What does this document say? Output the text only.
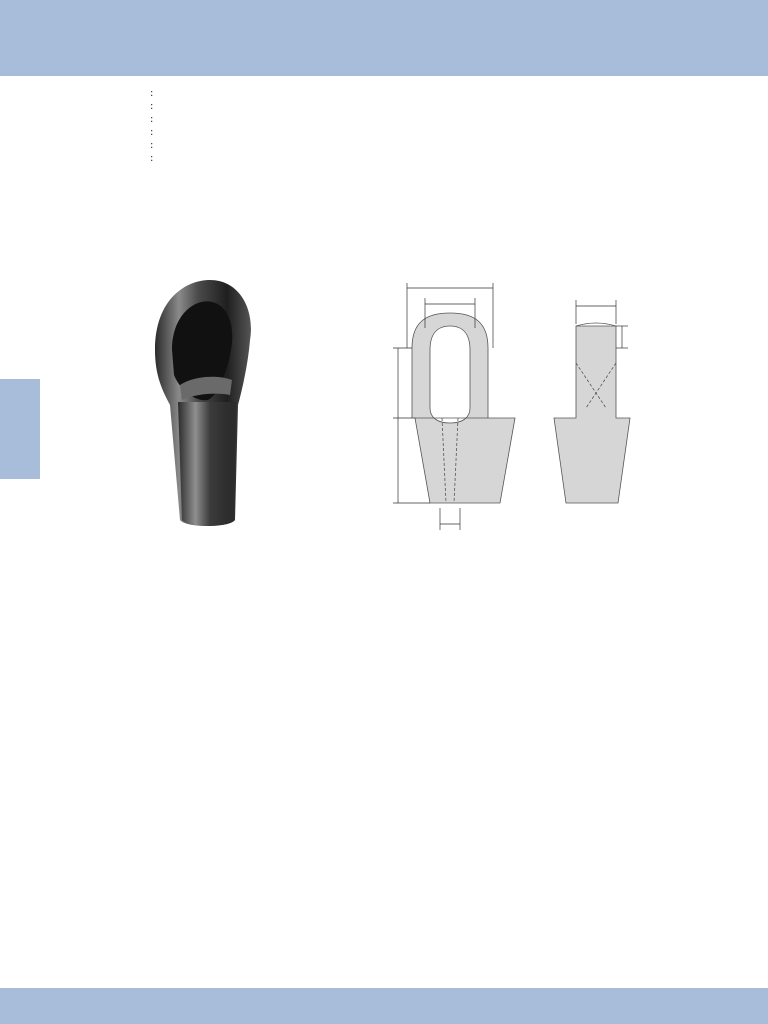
:
:
:
:
:
:
